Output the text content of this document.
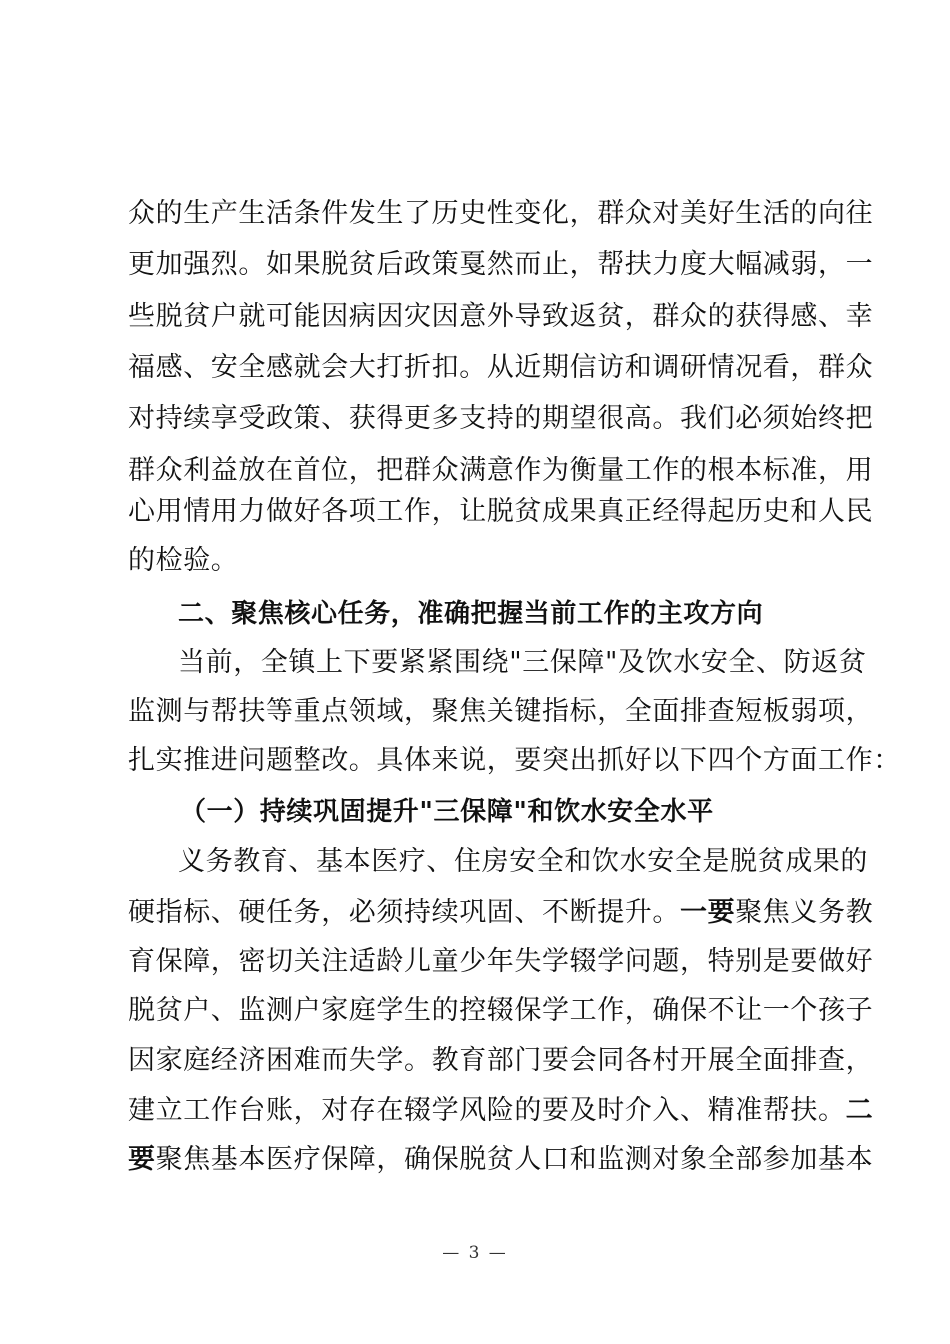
众的生产生活条件发生了历史性变化，群众对美好生活的向往
更加强烈。如果脱贫后政策戛然而止，帮扶力度大幅减弱，一
些脱贫户就可能因病因灾因意外导致返贫，群众的获得感、幸
福感、安全感就会大打折扣。从近期信访和调研情况看，群众
对持续享受政策、获得更多支持的期望很高。我们必须始终把
群众利益放在首位，把群众满意作为衡量工作的根本标准，用
心用情用力做好各项工作，让脱贫成果真正经得起历史和人民
的检验。
二、聚焦核心任务，准确把握当前工作的主攻方向
当前，全镇上下要紧紧围绕"三保障"及饮水安全、防返贫
监测与帮扶等重点领域，聚焦关键指标，全面排查短板弱项，
扎实推进问题整改。具体来说，要突出抓好以下四个方面工作：
（一）持续巩固提升"三保障"和饮水安全水平
义务教育、基本医疗、住房安全和饮水安全是脱贫成果的
硬指标、硬任务，必须持续巩固、不断提升。一要聚焦义务教
育保障，密切关注适龄儿童少年失学辍学问题，特别是要做好
脱贫户、监测户家庭学生的控辍保学工作，确保不让一个孩子
因家庭经济困难而失学。教育部门要会同各村开展全面排查，
建立工作台账，对存在辍学风险的要及时介入、精准帮扶。二
要聚焦基本医疗保障，确保脱贫人口和监测对象全部参加基本
— 3 —
